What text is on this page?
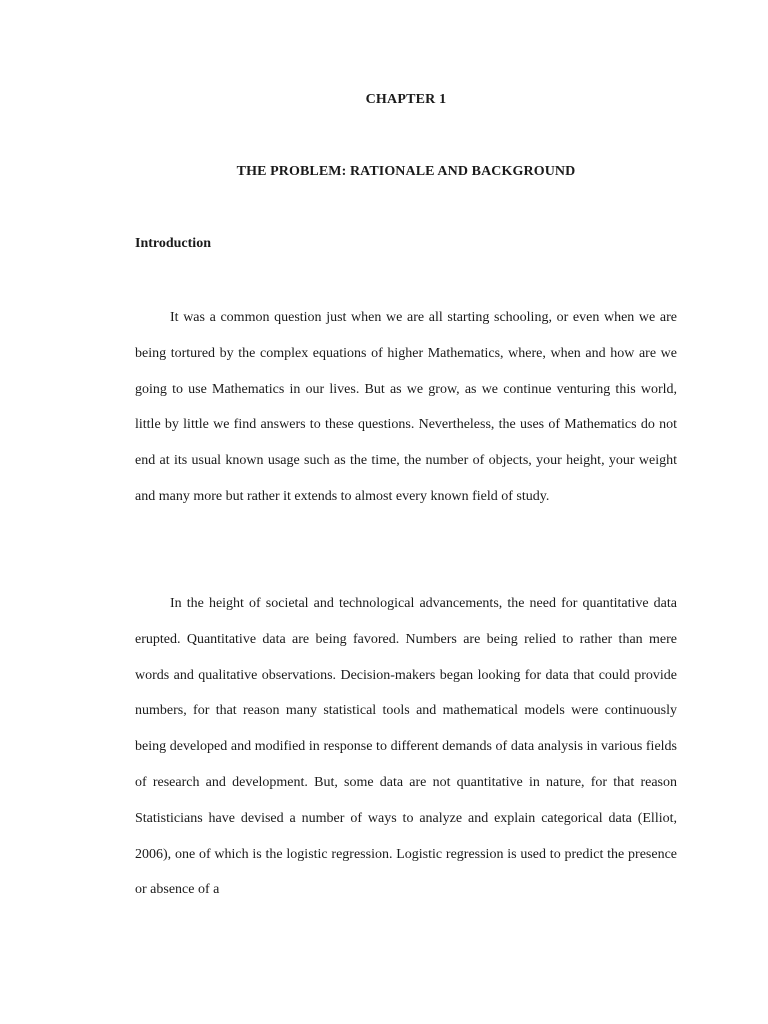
CHAPTER 1
THE PROBLEM: RATIONALE AND BACKGROUND
Introduction

It was a common question just when we are all starting schooling, or even when we are being tortured by the complex equations of higher Mathematics, where, when and how are we going to use Mathematics in our lives. But as we grow, as we continue venturing this world, little by little we find answers to these questions. Nevertheless, the uses of Mathematics do not end at its usual known usage such as the time, the number of objects, your height, your weight and many more but rather it extends to almost every known field of study.

In the height of societal and technological advancements, the need for quantitative data erupted. Quantitative data are being favored. Numbers are being relied to rather than mere words and qualitative observations. Decision-makers began looking for data that could provide numbers, for that reason many statistical tools and mathematical models were continuously being developed and modified in response to different demands of data analysis in various fields of research and development. But, some data are not quantitative in nature, for that reason Statisticians have devised a number of ways to analyze and explain categorical data (Elliot, 2006), one of which is the logistic regression. Logistic regression is used to predict the presence or absence of a
